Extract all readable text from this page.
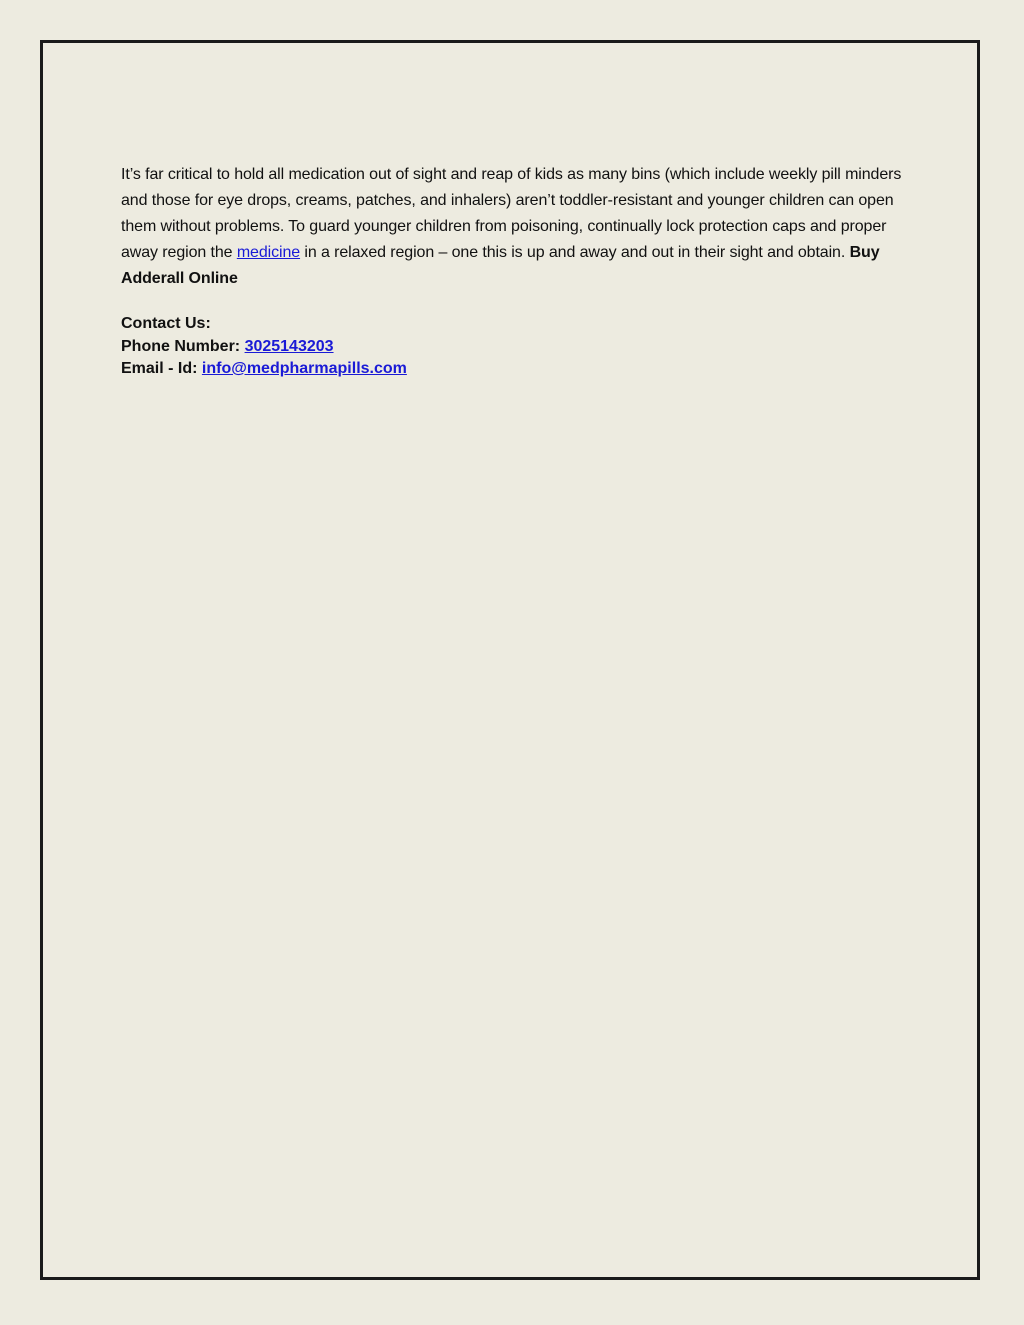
It’s far critical to hold all medication out of sight and reap of kids as many bins (which include weekly pill minders and those for eye drops, creams, patches, and inhalers) aren’t toddler-resistant and younger children can open them without problems. To guard younger children from poisoning, continually lock protection caps and proper away region the medicine in a relaxed region – one this is up and away and out in their sight and obtain. Buy Adderall Online

Contact Us:
Phone Number: 3025143203
Email - Id: info@medpharmapills.com
